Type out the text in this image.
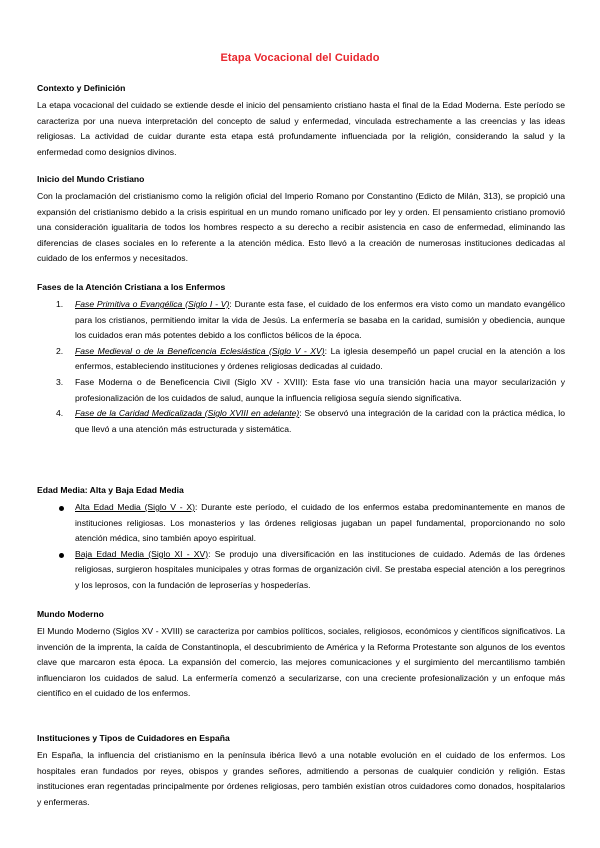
Etapa Vocacional del Cuidado
Contexto y Definición

La etapa vocacional del cuidado se extiende desde el inicio del pensamiento cristiano hasta el final de la Edad Moderna. Este período se caracteriza por una nueva interpretación del concepto de salud y enfermedad, vinculada estrechamente a las creencias y las ideas religiosas. La actividad de cuidar durante esta etapa está profundamente influenciada por la religión, considerando la salud y la enfermedad como designios divinos.

Inicio del Mundo Cristiano

Con la proclamación del cristianismo como la religión oficial del Imperio Romano por Constantino (Edicto de Milán, 313), se propició una expansión del cristianismo debido a la crisis espiritual en un mundo romano unificado por ley y orden. El pensamiento cristiano promovió una consideración igualitaria de todos los hombres respecto a su derecho a recibir asistencia en caso de enfermedad, eliminando las diferencias de clases sociales en lo referente a la atención médica. Esto llevó a la creación de numerosas instituciones dedicadas al cuidado de los enfermos y necesitados.

Fases de la Atención Cristiana a los Enfermos
1. Fase Primitiva o Evangélica (Siglo I - V): Durante esta fase, el cuidado de los enfermos era visto como un mandato evangélico para los cristianos, permitiendo imitar la vida de Jesús. La enfermería se basaba en la caridad, sumisión y obediencia, aunque los cuidados eran más potentes debido a los conflictos bélicos de la época.
2. Fase Medieval o de la Beneficencia Eclesiástica (Siglo V - XV): La iglesia desempeñó un papel crucial en la atención a los enfermos, estableciendo instituciones y órdenes religiosas dedicadas al cuidado.
3. Fase Moderna o de Beneficencia Civil (Siglo XV - XVIII): Esta fase vio una transición hacia una mayor secularización y profesionalización de los cuidados de salud, aunque la influencia religiosa seguía siendo significativa.
4. Fase de la Caridad Medicalizada (Siglo XVIII en adelante): Se observó una integración de la caridad con la práctica médica, lo que llevó a una atención más estructurada y sistemática.
Edad Media: Alta y Baja Edad Media
Alta Edad Media (Siglo V - X): Durante este período, el cuidado de los enfermos estaba predominantemente en manos de instituciones religiosas. Los monasterios y las órdenes religiosas jugaban un papel fundamental, proporcionando no solo atención médica, sino también apoyo espiritual.
Baja Edad Media (Siglo XI - XV): Se produjo una diversificación en las instituciones de cuidado. Además de las órdenes religiosas, surgieron hospitales municipales y otras formas de organización civil. Se prestaba especial atención a los peregrinos y los leprosos, con la fundación de leproserías y hospederías.
Mundo Moderno

El Mundo Moderno (Siglos XV - XVIII) se caracteriza por cambios políticos, sociales, religiosos, económicos y científicos significativos. La invención de la imprenta, la caída de Constantinopla, el descubrimiento de América y la Reforma Protestante son algunos de los eventos clave que marcaron esta época. La expansión del comercio, las mejores comunicaciones y el surgimiento del mercantilismo también influenciaron los cuidados de salud. La enfermería comenzó a secularizarse, con una creciente profesionalización y un enfoque más científico en el cuidado de los enfermos.

Instituciones y Tipos de Cuidadores en España

En España, la influencia del cristianismo en la península ibérica llevó a una notable evolución en el cuidado de los enfermos. Los hospitales eran fundados por reyes, obispos y grandes señores, admitiendo a personas de cualquier condición y religión. Estas instituciones eran regentadas principalmente por órdenes religiosas, pero también existían otros cuidadores como donados, hospitalarios y enfermeras.
